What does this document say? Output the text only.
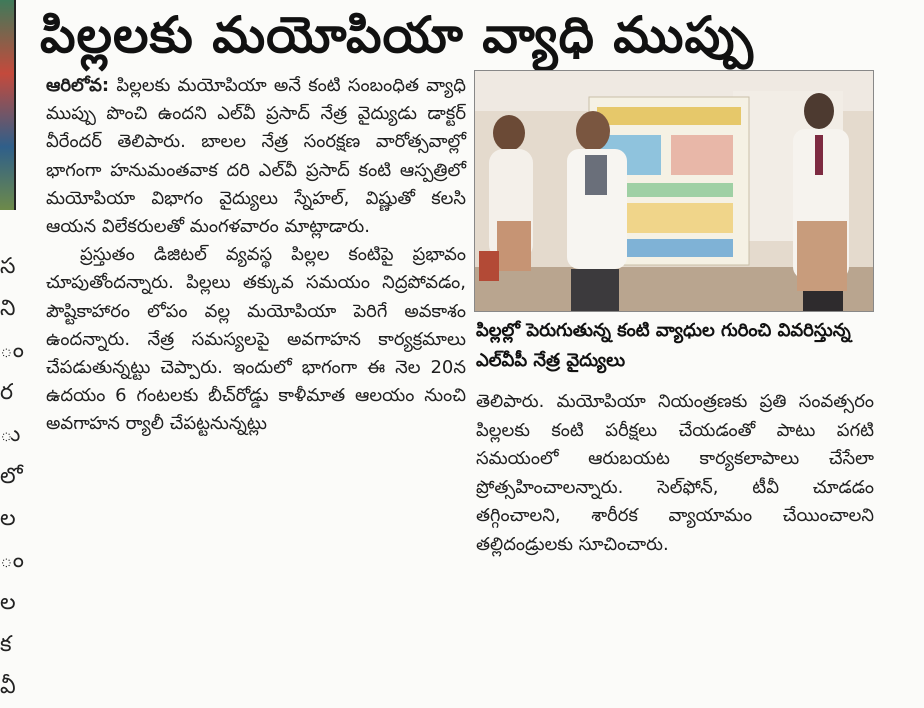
స
ని
ం
ర
ు
లో
ల
ం
ల
క
వీ
పిల్లలకు మయోపియా వ్యాధి ముప్పు

ఆరిలోవ: పిల్లలకు మయోపియా అనే కంటి సంబంధిత వ్యాధి ముప్పు పొంచి ఉందని ఎల్‌వీ ప్రసాద్ నేత్ర వైద్యుడు డాక్టర్ వీరేందర్ తెలిపారు. బాలల నేత్ర సంరక్షణ వారోత్సవాల్లో భాగంగా హనుమంతవాక దరి ఎల్‌వీ ప్రసాద్ కంటి ఆస్పత్రిలో మయోపియా విభాగం వైద్యులు స్నేహల్, విష్ణుతో కలసి ఆయన విలేకరులతో మంగళవారం మాట్లాడారు.

ప్రస్తుతం డిజిటల్ వ్యవస్థ పిల్లల కంటిపై ప్రభావం చూపుతోందన్నారు. పిల్లలు తక్కువ సమయం నిద్రపోవడం, పౌష్టికాహారం లోపం వల్ల మయోపియా పెరిగే అవకాశం ఉందన్నారు. నేత్ర సమస్యలపై అవగాహన కార్యక్రమాలు చేపడుతున్నట్టు చెప్పారు. ఇందులో భాగంగా ఈ నెల 20న ఉదయం 6 గంటలకు బీచ్‌రోడ్డు కాళీమాత ఆలయం నుంచి అవగాహన ర్యాలీ చేపట్టనున్నట్లు

పిల్లల్లో పెరుగుతున్న కంటి వ్యాధుల గురించి వివరిస్తున్న ఎల్‌వీపీ నేత్ర వైద్యులు

తెలిపారు. మయోపియా నియంత్రణకు ప్రతి సంవత్సరం పిల్లలకు కంటి పరీక్షలు చేయడంతో పాటు పగటి సమయంలో ఆరుబయట కార్యకలాపాలు చేసేలా ప్రోత్సహించాలన్నారు. సెల్‌ఫోన్, టీవీ చూడడం తగ్గించాలని, శారీరక వ్యాయామం చేయించాలని తల్లిదండ్రులకు సూచించారు.
